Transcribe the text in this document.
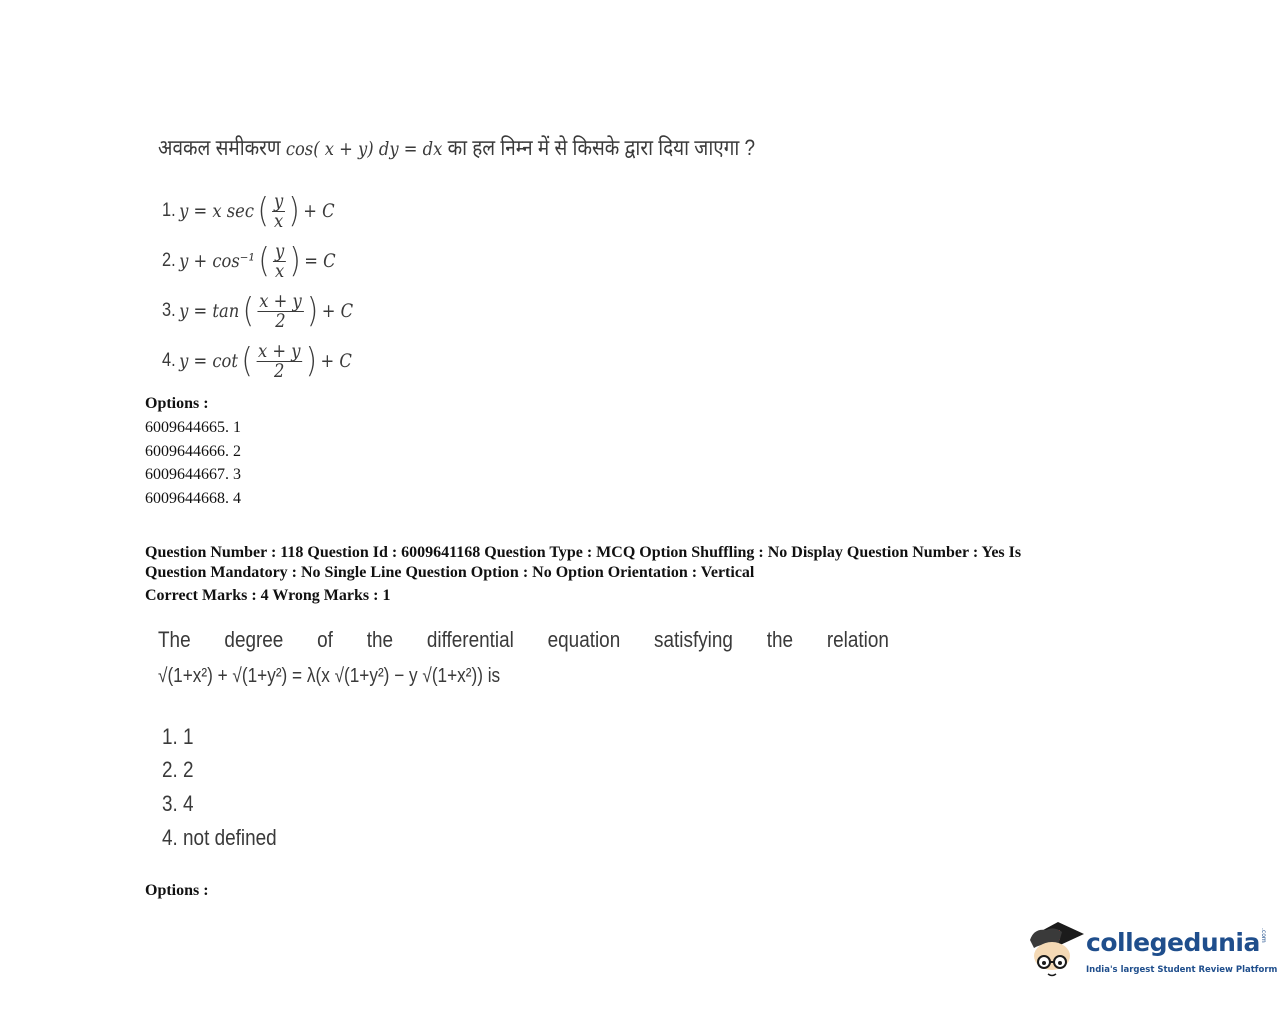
अवकल समीकरण cos( x + y) dy = dx का हल निम्न में से किसके द्वारा दिया जाएगा ?
1. y = x sec ( $\frac{y}{x}$ ) + C
2. y + cos⁻¹ ( $\frac{y}{x}$ ) = C
3. y = tan ( $\frac{x + y}{2}$ ) + C
4. y = cot ( $\frac{x + y}{2}$ ) + C
Options :
6009644665. 1
6009644666. 2
6009644667. 3
6009644668. 4
Question Number : 118 Question Id : 6009641168 Question Type : MCQ Option Shuffling : No Display Question Number : Yes Is
Question Mandatory : No Single Line Question Option : No Option Orientation : Vertical
Correct Marks : 4 Wrong Marks : 1
The degree of the differential equation satisfying the relation
√(1+x²) + √(1+y²) = λ(x √(1+y²) − y √(1+x²)) is
1. 1
2. 2
3. 4
4. not defined
Options :
collegedunia.com
India's largest Student Review Platform
